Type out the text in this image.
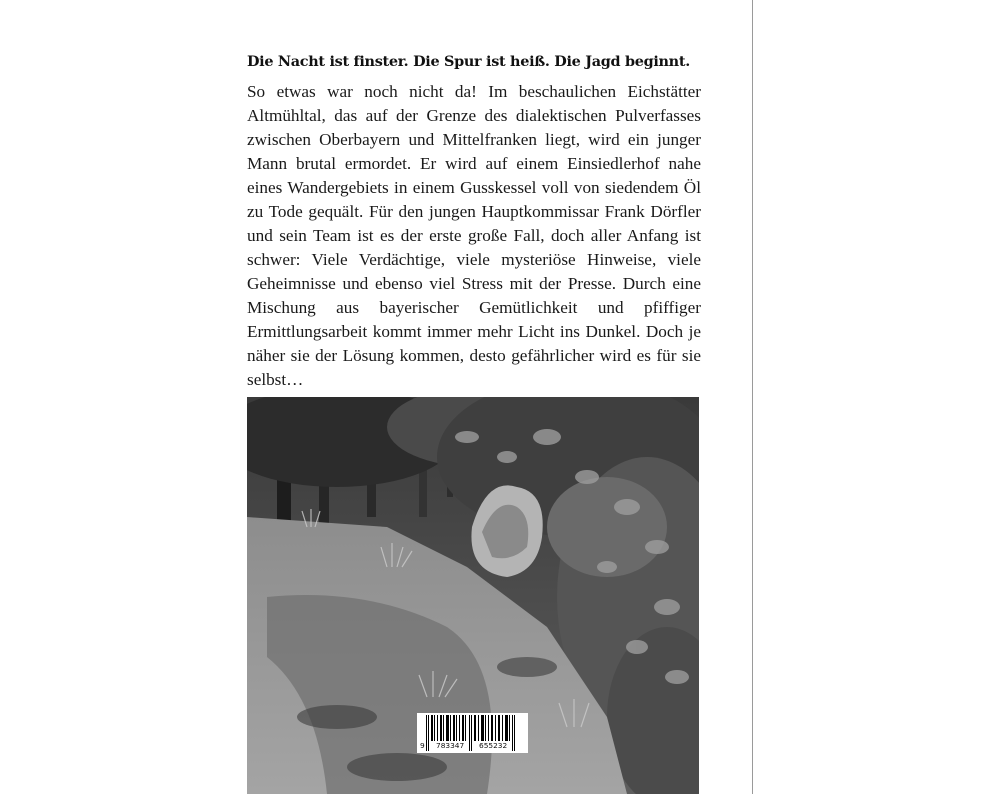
Die Nacht ist finster. Die Spur ist heiß. Die Jagd beginnt.

So etwas war noch nicht da! Im beschaulichen Eichstätter Altmühltal, das auf der Grenze des dialektischen Pulverfasses zwischen Oberbayern und Mittelfranken liegt, wird ein junger Mann brutal ermordet. Er wird auf einem Einsiedlerhof nahe eines Wandergebiets in einem Gusskessel voll von siedendem Öl zu Tode gequält. Für den jungen Hauptkommissar Frank Dörfler und sein Team ist es der erste große Fall, doch aller Anfang ist schwer: Viele Verdächtige, viele mysteriöse Hinweise, viele Geheimnisse und ebenso viel Stress mit der Presse. Durch eine Mischung aus bayerischer Gemütlichkeit und pfiffiger Ermittlungsarbeit kommt immer mehr Licht ins Dunkel. Doch je näher sie der Lösung kommen, desto gefährlicher wird es für sie selbst…

9 783347 655232
